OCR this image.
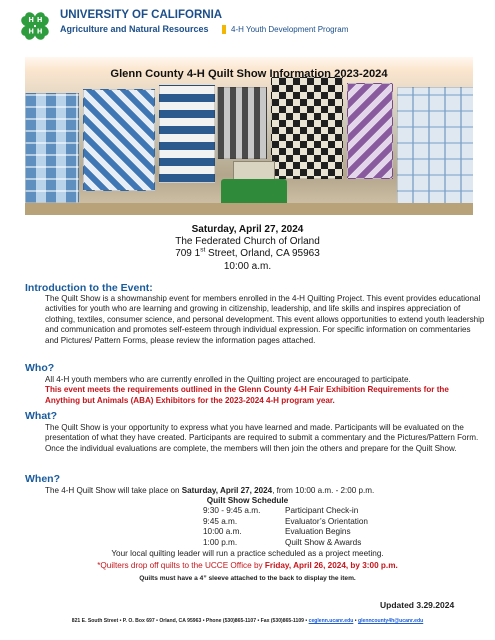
H H
H H
UNIVERSITY OF CALIFORNIA
Agriculture and Natural Resources	4-H Youth Development Program
Glenn County 4-H Quilt Show Information 2023-2024
Saturday, April 27, 2024
The Federated Church of Orland
709 1st Street, Orland, CA 95963
10:00 a.m.
Introduction to the Event:
The Quilt Show is a showmanship event for members enrolled in the 4-H Quilting Project. This event provides educational activities for youth who are learning and growing in citizenship, leadership, and life skills and inspires appreciation of clothing, textiles, consumer science, and personal development. This event allows opportunities to extend youth leadership and communication and promotes self-esteem through individual expression. For specific information on commentaries and Pictures/ Pattern Forms, please review the information pages attached.
Who?
All 4-H youth members who are currently enrolled in the Quilting project are encouraged to participate.
This event meets the requirements outlined in the Glenn County 4-H Fair Exhibition Requirements for the Anything but Animals (ABA) Exhibitors for the 2023-2024 4-H program year.
What?
The Quilt Show is your opportunity to express what you have learned and made. Participants will be evaluated on the presentation of what they have created. Participants are required to submit a commentary and the Pictures/Pattern Form. Once the individual evaluations are complete, the members will then join the others and prepare for the Quilt Show.
When?
The 4-H Quilt Show will take place on Saturday, April 27, 2024, from 10:00 a.m. - 2:00 p.m.
Quilt Show Schedule
9:30 - 9:45 a.m.	Participant Check-in
9:45 a.m.	Evaluator’s Orientation
10:00 a.m.	Evaluation Begins
1:00 p.m.	Quilt Show & Awards
Your local quilting leader will run a practice scheduled as a project meeting.
*Quilters drop off quilts to the UCCE Office by Friday, April 26, 2024, by 3:00 p.m.
Quilts must have a 4” sleeve attached to the back to display the item.
Updated 3.29.2024
821 E. South Street • P. O. Box 697 • Orland, CA 95963 • Phone (530)865-1107 • Fax (530)865-1109 • ceglenn.ucanr.edu • glenncounty4h@ucanr.edu
